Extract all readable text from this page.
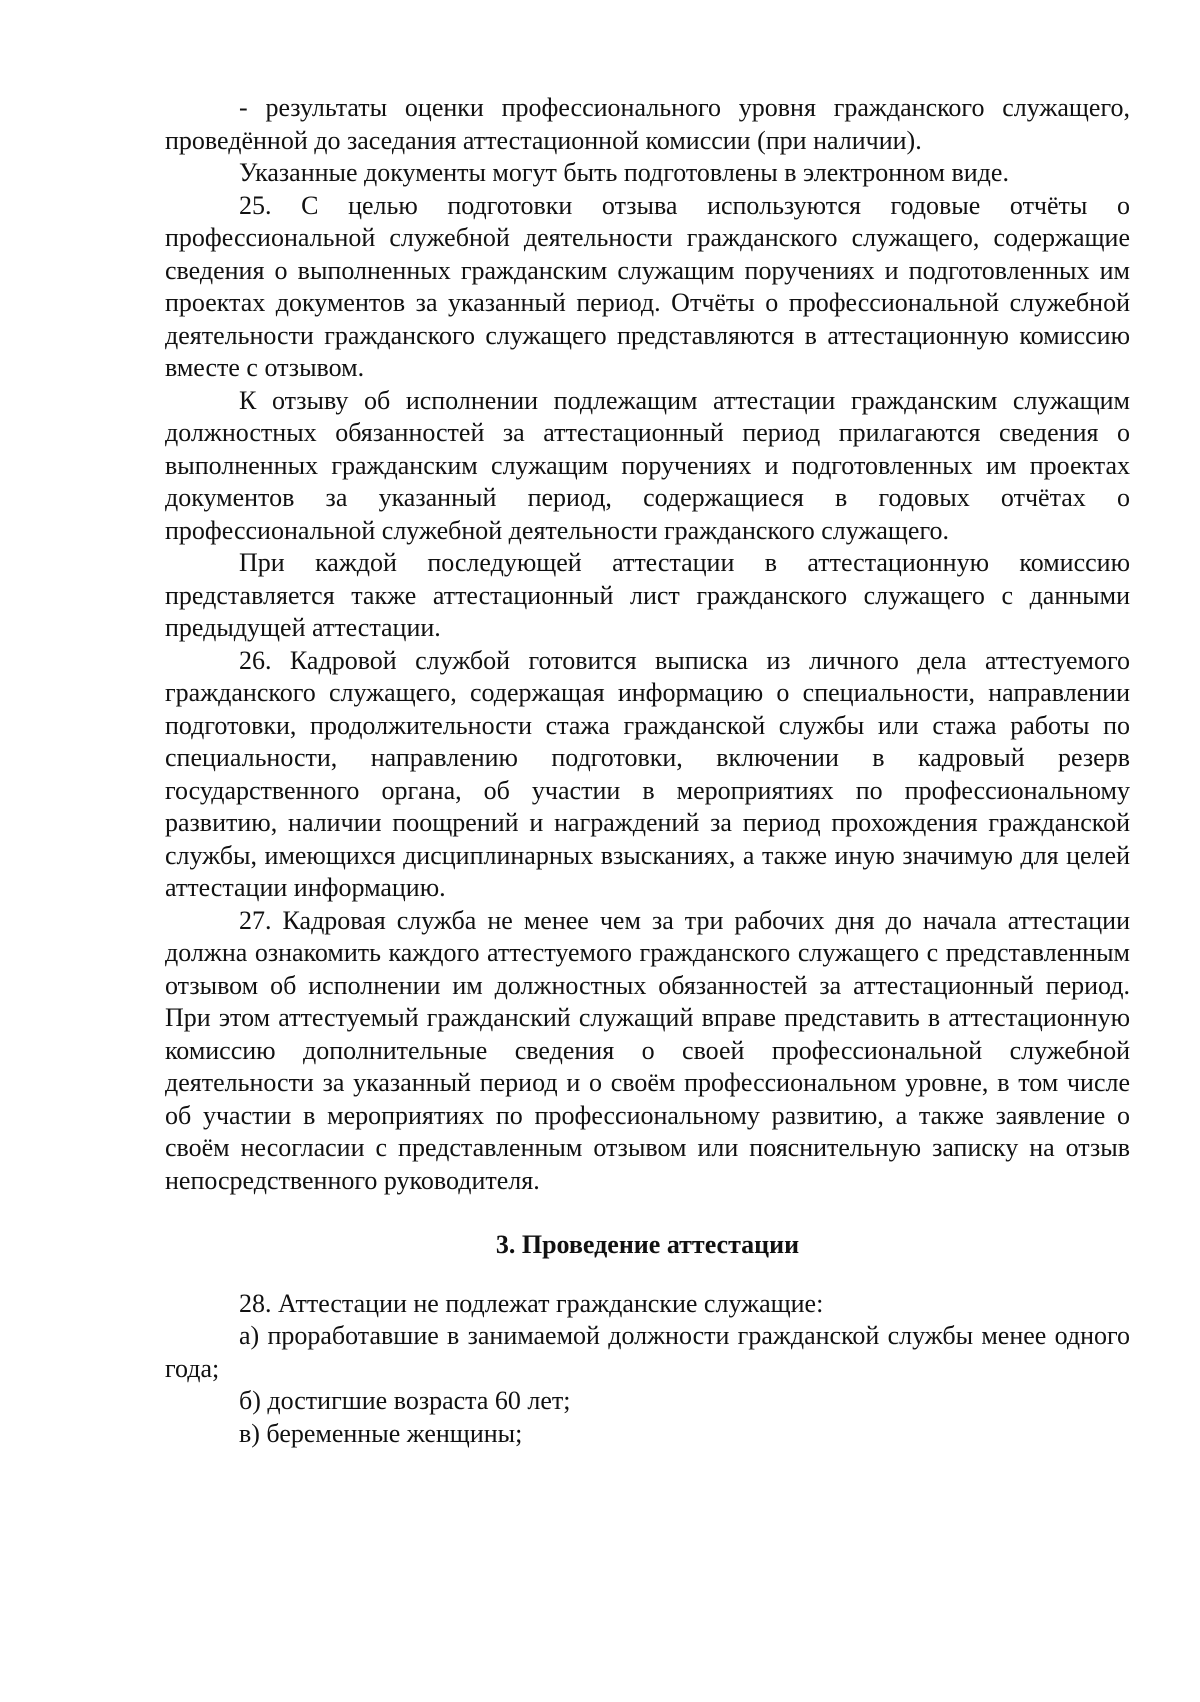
- результаты оценки профессионального уровня гражданского служащего, проведённой до заседания аттестационной комиссии (при наличии).

Указанные документы могут быть подготовлены в электронном виде.

25. С целью подготовки отзыва используются годовые отчёты о профессиональной служебной деятельности гражданского служащего, содержащие сведения о выполненных гражданским служащим поручениях и подготовленных им проектах документов за указанный период. Отчёты о профессиональной служебной деятельности гражданского служащего представляются в аттестационную комиссию вместе с отзывом.

К отзыву об исполнении подлежащим аттестации гражданским служащим должностных обязанностей за аттестационный период прилагаются сведения о выполненных гражданским служащим поручениях и подготовленных им проектах документов за указанный период, содержащиеся в годовых отчётах о профессиональной служебной деятельности гражданского служащего.

При каждой последующей аттестации в аттестационную комиссию представляется также аттестационный лист гражданского служащего с данными предыдущей аттестации.

26. Кадровой службой готовится выписка из личного дела аттестуемого гражданского служащего, содержащая информацию о специальности, направлении подготовки, продолжительности стажа гражданской службы или стажа работы по специальности, направлению подготовки, включении в кадровый резерв государственного органа, об участии в мероприятиях по профессиональному развитию, наличии поощрений и награждений за период прохождения гражданской службы, имеющихся дисциплинарных взысканиях, а также иную значимую для целей аттестации информацию.

27. Кадровая служба не менее чем за три рабочих дня до начала аттестации должна ознакомить каждого аттестуемого гражданского служащего с представленным отзывом об исполнении им должностных обязанностей за аттестационный период. При этом аттестуемый гражданский служащий вправе представить в аттестационную комиссию дополнительные сведения о своей профессиональной служебной деятельности за указанный период и о своём профессиональном уровне, в том числе об участии в мероприятиях по профессиональному развитию, а также заявление о своём несогласии с представленным отзывом или пояснительную записку на отзыв непосредственного руководителя.

3. Проведение аттестации

28. Аттестации не подлежат гражданские служащие:

а) проработавшие в занимаемой должности гражданской службы менее одного года;

б) достигшие возраста 60 лет;

в) беременные женщины;
